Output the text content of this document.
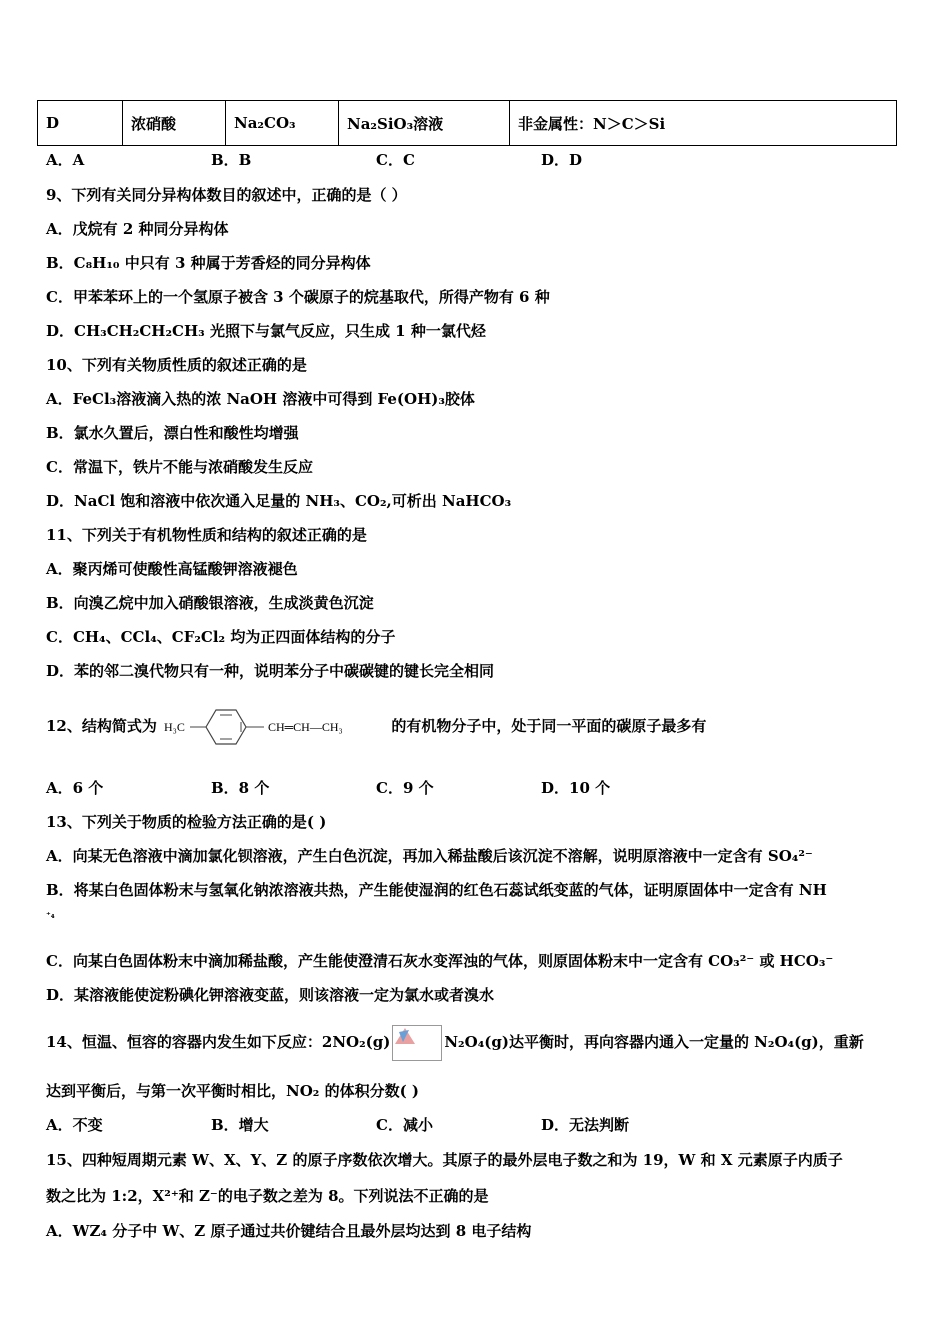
D	浓硝酸	Na₂CO₃	Na₂SiO₃溶液	非金属性：N＞C＞Si
A．A	B．B	C．C	D．D
9、下列有关同分异构体数目的叙述中，正确的是（ ）
A．戊烷有 2 种同分异构体
B．C₈H₁₀ 中只有 3 种属于芳香烃的同分异构体
C．甲苯苯环上的一个氢原子被含 3 个碳原子的烷基取代，所得产物有 6 种
D．CH₃CH₂CH₂CH₃ 光照下与氯气反应，只生成 1 种一氯代烃
10、下列有关物质性质的叙述正确的是
A．FeCl₃溶液滴入热的浓 NaOH 溶液中可得到 Fe(OH)₃胶体
B．氯水久置后，漂白性和酸性均增强
C．常温下，铁片不能与浓硝酸发生反应
D．NaCl 饱和溶液中依次通入足量的 NH₃、CO₂,可析出 NaHCO₃
11、下列关于有机物性质和结构的叙述正确的是
A．聚丙烯可使酸性高锰酸钾溶液褪色
B．向溴乙烷中加入硝酸银溶液，生成淡黄色沉淀
C．CH₄、CCl₄、CF₂Cl₂ 均为正四面体结构的分子
D．苯的邻二溴代物只有一种，说明苯分子中碳碳键的键长完全相同
12、结构简式为 H₃C	CH═CH—CH₃	的有机物分子中，处于同一平面的碳原子最多有
A．6 个	B．8 个	C．9 个	D．10 个
13、下列关于物质的检验方法正确的是( )
A．向某无色溶液中滴加氯化钡溶液，产生白色沉淀，再加入稀盐酸后该沉淀不溶解，说明原溶液中一定含有 SO₄²⁻
B．将某白色固体粉末与氢氧化钠浓溶液共热，产生能使湿润的红色石蕊试纸变蓝的气体，证明原固体中一定含有 NH
⁺₄
C．向某白色固体粉末中滴加稀盐酸，产生能使澄清石灰水变浑浊的气体，则原固体粉末中一定含有 CO₃²⁻ 或 HCO₃⁻
D．某溶液能使淀粉碘化钾溶液变蓝，则该溶液一定为氯水或者溴水
14、恒温、恒容的容器内发生如下反应：2NO₂(g)	N₂O₄(g)达平衡时，再向容器内通入一定量的 N₂O₄(g)，重新
达到平衡后，与第一次平衡时相比，NO₂ 的体积分数( )
A．不变	B．增大	C．减小	D．无法判断
15、四种短周期元素 W、X、Y、Z 的原子序数依次增大。其原子的最外层电子数之和为 19，W 和 X 元素原子内质子
数之比为 1:2，X²⁺和 Z⁻的电子数之差为 8。下列说法不正确的是
A．WZ₄ 分子中 W、Z 原子通过共价键结合且最外层均达到 8 电子结构
